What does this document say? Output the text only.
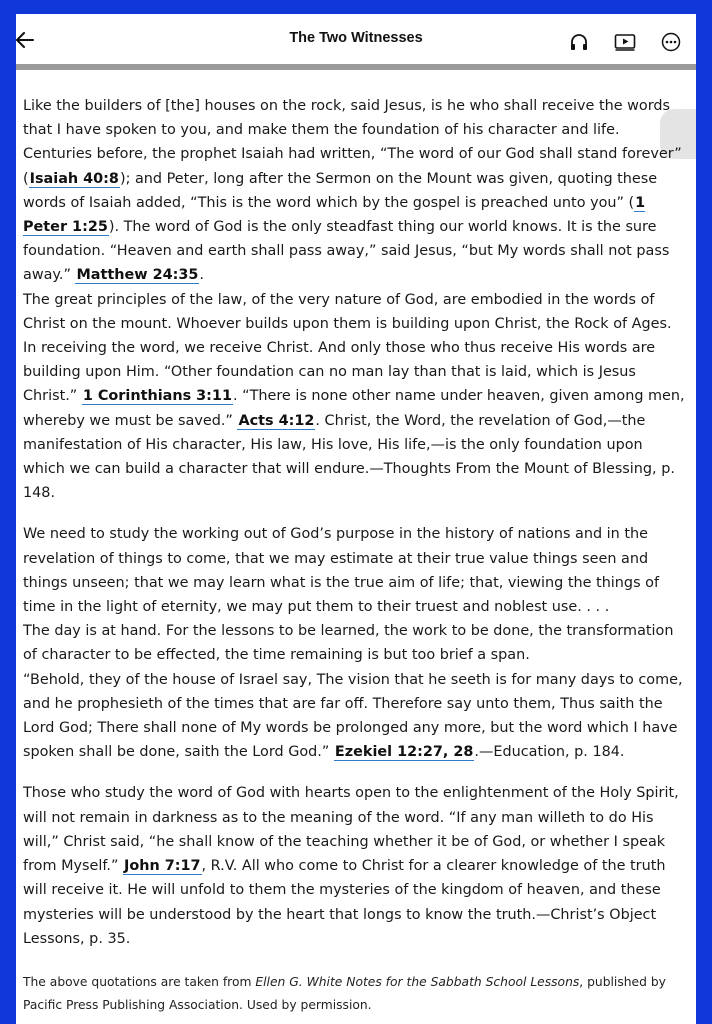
The Two Witnesses

Like the builders of [the] houses on the rock, said Jesus, is he who shall receive the words that I have spoken to you, and make them the foundation of his character and life. Centuries before, the prophet Isaiah had written, “The word of our God shall stand forever” (Isaiah 40:8); and Peter, long after the Sermon on the Mount was given, quoting these words of Isaiah added, “This is the word which by the gospel is preached unto you” (1 Peter 1:25). The word of God is the only steadfast thing our world knows. It is the sure foundation. “Heaven and earth shall pass away,” said Jesus, “but My words shall not pass away.” Matthew 24:35.

The great principles of the law, of the very nature of God, are embodied in the words of Christ on the mount. Whoever builds upon them is building upon Christ, the Rock of Ages. In receiving the word, we receive Christ. And only those who thus receive His words are building upon Him. “Other foundation can no man lay than that is laid, which is Jesus Christ.” 1 Corinthians 3:11. “There is none other name under heaven, given among men, whereby we must be saved.” Acts 4:12. Christ, the Word, the revelation of God,—the manifestation of His character, His law, His love, His life,—is the only foundation upon which we can build a character that will endure.—Thoughts From the Mount of Blessing, p. 148.

We need to study the working out of God’s purpose in the history of nations and in the revelation of things to come, that we may estimate at their true value things seen and things unseen; that we may learn what is the true aim of life; that, viewing the things of time in the light of eternity, we may put them to their truest and noblest use. . . .

The day is at hand. For the lessons to be learned, the work to be done, the transformation of character to be effected, the time remaining is but too brief a span.

“Behold, they of the house of Israel say, The vision that he seeth is for many days to come, and he prophesieth of the times that are far off. Therefore say unto them, Thus saith the Lord God; There shall none of My words be prolonged any more, but the word which I have spoken shall be done, saith the Lord God.” Ezekiel 12:27, 28.—Education, p. 184.

Those who study the word of God with hearts open to the enlightenment of the Holy Spirit, will not remain in darkness as to the meaning of the word. “If any man willeth to do His will,” Christ said, “he shall know of the teaching whether it be of God, or whether I speak from Myself.” John 7:17, R.V. All who come to Christ for a clearer knowledge of the truth will receive it. He will unfold to them the mysteries of the kingdom of heaven, and these mysteries will be understood by the heart that longs to know the truth.—Christ’s Object Lessons, p. 35.

The above quotations are taken from Ellen G. White Notes for the Sabbath School Lessons, published by Pacific Press Publishing Association. Used by permission.
